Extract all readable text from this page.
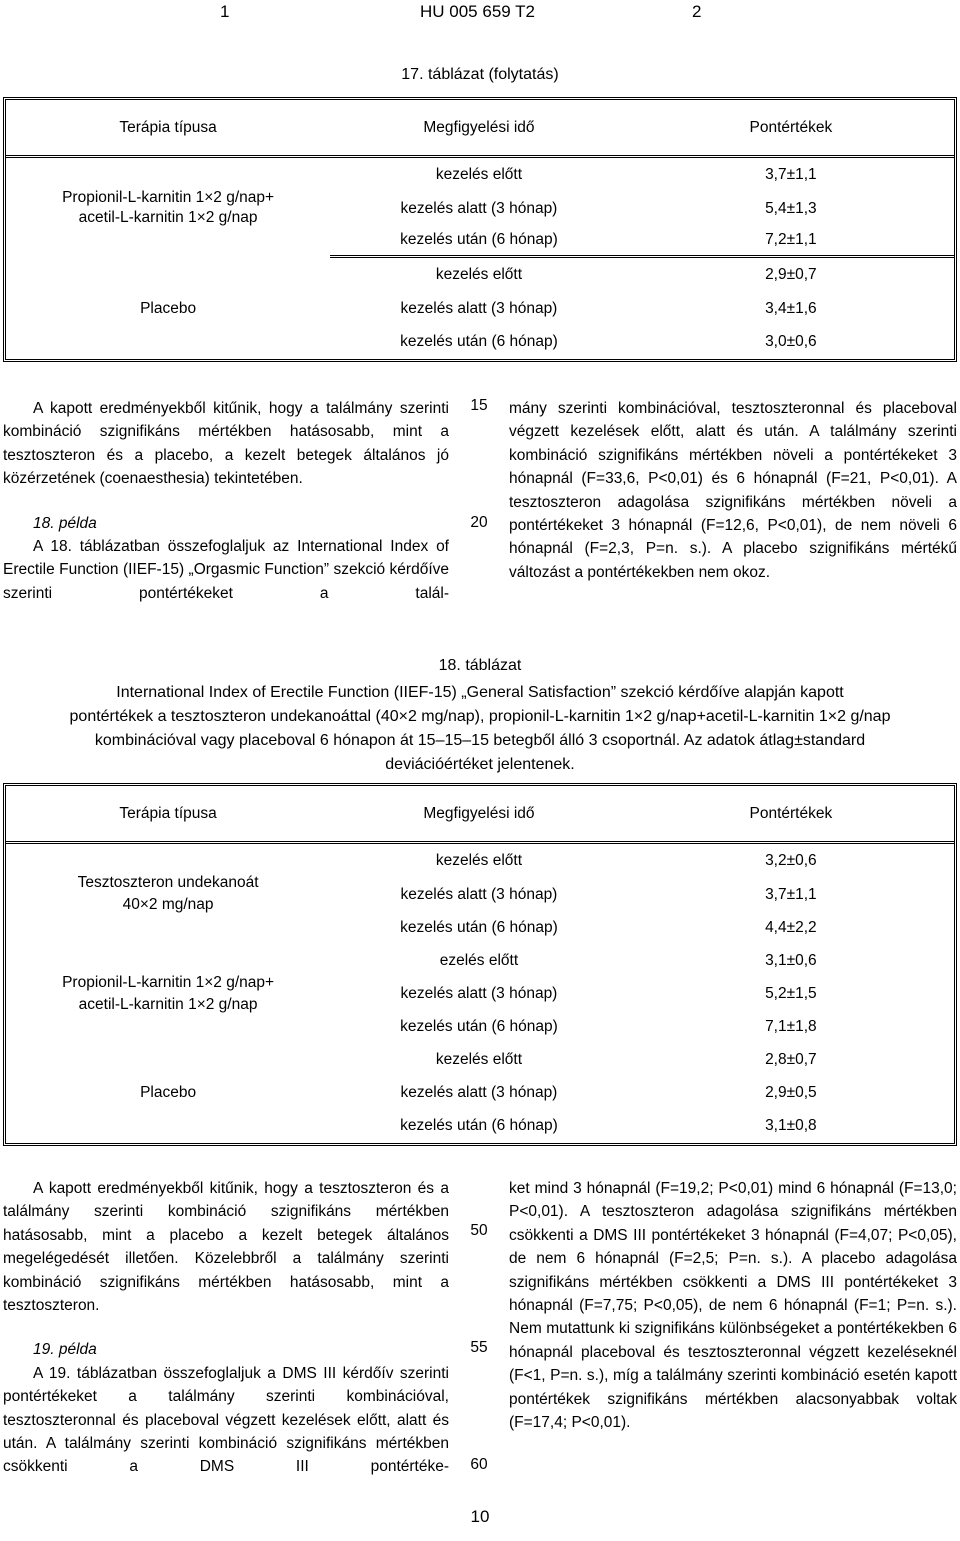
1	HU 005 659 T2	2
17. táblázat (folytatás)
Terápia típusa	Megfigyelési idő	Pontértékek

Propionil-L-karnitin 1×2 g/nap+ acetil-L-karnitin 1×2 g/nap	kezelés előtt	3,7±1,1
	kezelés alatt (3 hónap)	5,4±1,3
	kezelés után (6 hónap)	7,2±1,1
Placebo	kezelés előtt	2,9±0,7
	kezelés alatt (3 hónap)	3,4±1,6
	kezelés után (6 hónap)	3,0±0,6

A kapott eredményekből kitűnik, hogy a találmány szerinti kombináció szignifikáns mértékben hatásosabb, mint a tesztoszteron és a placebo, a kezelt betegek általános jó közérzetének (coenaesthesia) tekintetében.

18. példa

A 18. táblázatban összefoglaljuk az International Index of Erectile Function (IIEF-15) „Orgasmic Function” szekció kérdőíve szerinti pontértékeket a talál-

15
20

mány szerinti kombinációval, tesztoszteronnal és placeboval végzett kezelések előtt, alatt és után. A találmány szerinti kombináció szignifikáns mértékben növeli a pontértékeket 3 hónapnál (F=33,6, P<0,01) és 6 hónapnál (F=21, P<0,01). A tesztoszteron adagolása szignifikáns mértékben növeli a pontértékeket 3 hónapnál (F=12,6, P<0,01), de nem növeli 6 hónapnál (F=2,3, P=n. s.). A placebo szignifikáns mértékű változást a pontértékekben nem okoz.

18. táblázat
International Index of Erectile Function (IIEF-15) „General Satisfaction” szekció kérdőíve alapján kapott
pontértékek a tesztoszteron undekanoáttal (40×2 mg/nap), propionil-L-karnitin 1×2 g/nap+acetil-L-karnitin 1×2 g/nap
kombinációval vagy placeboval 6 hónapon át 15–15–15 betegből álló 3 csoportnál. Az adatok átlag±standard
deviációértéket jelentenek.
Terápia típusa	Megfigyelési idő	Pontértékek

Tesztoszteron undekanoát 40×2 mg/nap	kezelés előtt	3,2±0,6
	kezelés alatt (3 hónap)	3,7±1,1
	kezelés után (6 hónap)	4,4±2,2

Propionil-L-karnitin 1×2 g/nap+ acetil-L-karnitin 1×2 g/nap	ezelés előtt	3,1±0,6
	kezelés alatt (3 hónap)	5,2±1,5
	kezelés után (6 hónap)	7,1±1,8
Placebo	kezelés előtt	2,8±0,7
	kezelés alatt (3 hónap)	2,9±0,5
	kezelés után (6 hónap)	3,1±0,8

A kapott eredményekből kitűnik, hogy a tesztoszteron és a találmány szerinti kombináció szignifikáns mértékben hatásosabb, mint a placebo a kezelt betegek általános megelégedését illetően. Közelebbről a találmány szerinti kombináció szignifikáns mértékben hatásosabb, mint a tesztoszteron.

19. példa

A 19. táblázatban összefoglaljuk a DMS III kérdőív szerinti pontértékeket a találmány szerinti kombinációval, tesztoszteronnal és placeboval végzett kezelések előtt, alatt és után. A találmány szerinti kombináció szignifikáns mértékben csökkenti a DMS III pontértéke-

50
55
60

ket mind 3 hónapnál (F=19,2; P<0,01) mind 6 hónapnál (F=13,0; P<0,01). A tesztoszteron adagolása szignifikáns mértékben csökkenti a DMS III pontértékeket 3 hónapnál (F=4,07; P<0,05), de nem 6 hónapnál (F=2,5; P=n. s.). A placebo adagolása szignifikáns mértékben csökkenti a DMS III pontértékeket 3 hónapnál (F=7,75; P<0,05), de nem 6 hónapnál (F=1; P=n. s.). Nem mutattunk ki szignifikáns különbségeket a pontértékekben 6 hónapnál placeboval és tesztoszteronnal végzett kezeléseknél (F<1, P=n. s.), míg a találmány szerinti kombináció esetén kapott pontértékek szignifikáns mértékben alacsonyabbak voltak (F=17,4; P<0,01).

10
